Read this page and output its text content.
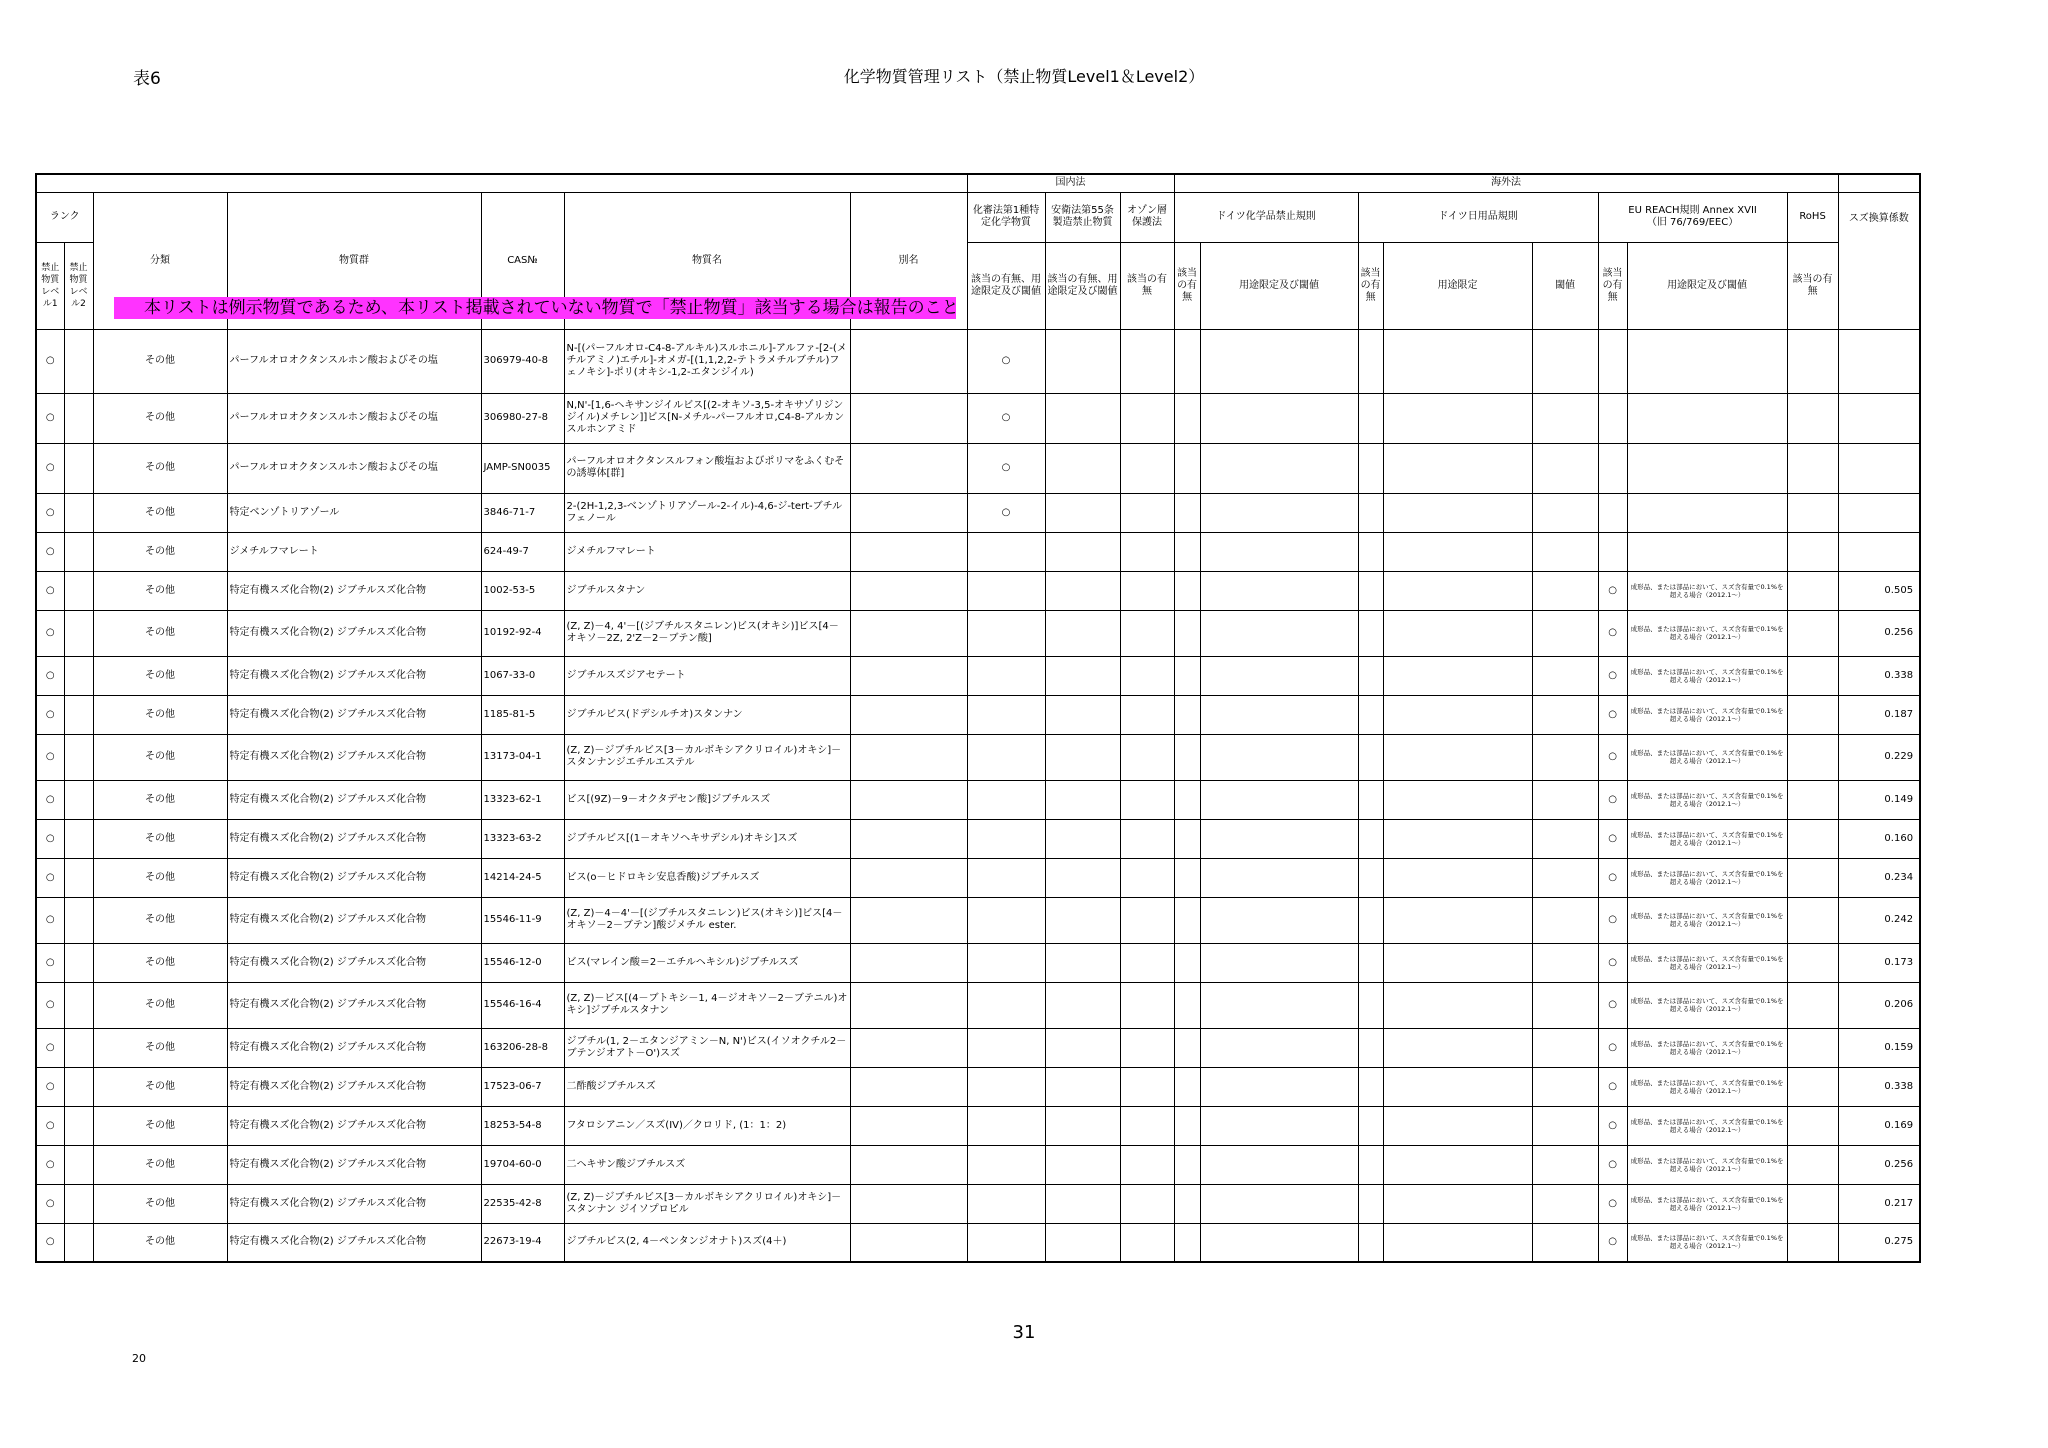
表6	化学物質管理リスト（禁止物質Level1＆Level2）
							国内法			海外法								
ランク		分類	物質群	CAS№	物質名	別名	化審法第1種特定化学物質	安衛法第55条製造禁止物質	オゾン層保護法	ドイツ化学品禁止規則		ドイツ日用品規則			EU REACH規則 Annex XVII
（旧 76/769/EEC）		RoHS	スズ換算係数
禁止物質レベル1	禁止物質レベル2						該当の有無、用途限定及び閾値	該当の有無、用途限定及び閾値	該当の有無	該当の有無	用途限定及び閾値	該当の有無	用途限定	閾値	該当の有無	用途限定及び閾値	該当の有無	
○		その他	パーフルオロオクタンスルホン酸およびその塩	306979-40-8	N-[(パーフルオロ-C4-8-アルキル)スルホニル]-アルファ-[2-(メチルアミノ)エチル]-オメガ-[(1,1,2,2-テトラメチルブチル)フェノキシ]-ポリ(オキシ-1,2-エタンジイル)		○											
○		その他	パーフルオロオクタンスルホン酸およびその塩	306980-27-8	N,N'-[1,6-ヘキサンジイルビス[(2-オキソ-3,5-オキサゾリジンジイル)メチレン]]ビス[N-メチル-パーフルオロ,C4-8-アルカンスルホンアミド		○											
○		その他	パーフルオロオクタンスルホン酸およびその塩	JAMP-SN0035	パーフルオロオクタンスルフォン酸塩およびポリマをふくむその誘導体[群]		○											
○		その他	特定ベンゾトリアゾール	3846-71-7	2-(2H-1,2,3-ベンゾトリアゾール-2-イル)-4,6-ジ-tert-ブチルフェノール		○											
○		その他	ジメチルフマレート	624-49-7	ジメチルフマレート													
○		その他	特定有機スズ化合物(2) ジブチルスズ化合物	1002-53-5	ジブチルスタナン										○	成形品、または部品において、スズ含有量で0.1%を超える場合（2012.1～）		0.505
○		その他	特定有機スズ化合物(2) ジブチルスズ化合物	10192-92-4	(Z, Z)－4, 4'－[(ジブチルスタニレン)ビス(オキシ)]ビス[4－オキソ－2Z, 2'Z－2－ブテン酸]										○	成形品、または部品において、スズ含有量で0.1%を超える場合（2012.1～）		0.256
○		その他	特定有機スズ化合物(2) ジブチルスズ化合物	1067-33-0	ジブチルスズジアセテート										○	成形品、または部品において、スズ含有量で0.1%を超える場合（2012.1～）		0.338
○		その他	特定有機スズ化合物(2) ジブチルスズ化合物	1185-81-5	ジブチルビス(ドデシルチオ)スタンナン										○	成形品、または部品において、スズ含有量で0.1%を超える場合（2012.1～）		0.187
○		その他	特定有機スズ化合物(2) ジブチルスズ化合物	13173-04-1	(Z, Z)－ジブチルビス[3－カルボキシアクリロイル)オキシ]－スタンナンジエチルエステル										○	成形品、または部品において、スズ含有量で0.1%を超える場合（2012.1～）		0.229
○		その他	特定有機スズ化合物(2) ジブチルスズ化合物	13323-62-1	ビス[(9Z)－9－オクタデセン酸]ジブチルスズ										○	成形品、または部品において、スズ含有量で0.1%を超える場合（2012.1～）		0.149
○		その他	特定有機スズ化合物(2) ジブチルスズ化合物	13323-63-2	ジブチルビス[(1－オキソヘキサデシル)オキシ]スズ										○	成形品、または部品において、スズ含有量で0.1%を超える場合（2012.1～）		0.160
○		その他	特定有機スズ化合物(2) ジブチルスズ化合物	14214-24-5	ビス(o－ヒドロキシ安息香酸)ジブチルスズ										○	成形品、または部品において、スズ含有量で0.1%を超える場合（2012.1～）		0.234
○		その他	特定有機スズ化合物(2) ジブチルスズ化合物	15546-11-9	(Z, Z)－4－4'－[(ジブチルスタニレン)ビス(オキシ)]ビス[4－オキソ－2－ブテン]酸ジメチル ester.										○	成形品、または部品において、スズ含有量で0.1%を超える場合（2012.1～）		0.242
○		その他	特定有機スズ化合物(2) ジブチルスズ化合物	15546-12-0	ビス(マレイン酸＝2－エチルヘキシル)ジブチルスズ										○	成形品、または部品において、スズ含有量で0.1%を超える場合（2012.1～）		0.173
○		その他	特定有機スズ化合物(2) ジブチルスズ化合物	15546-16-4	(Z, Z)－ビス[(4－ブトキシ－1, 4－ジオキソ－2－ブテニル)オキシ]ジブチルスタナン										○	成形品、または部品において、スズ含有量で0.1%を超える場合（2012.1～）		0.206
○		その他	特定有機スズ化合物(2) ジブチルスズ化合物	163206-28-8	ジブチル(1, 2－エタンジアミン－N, N')ビス(イソオクチル2－ブテンジオアト－O')スズ										○	成形品、または部品において、スズ含有量で0.1%を超える場合（2012.1～）		0.159
○		その他	特定有機スズ化合物(2) ジブチルスズ化合物	17523-06-7	二酢酸ジブチルスズ										○	成形品、または部品において、スズ含有量で0.1%を超える場合（2012.1～）		0.338
○		その他	特定有機スズ化合物(2) ジブチルスズ化合物	18253-54-8	フタロシアニン／スズ(IV)／クロリド, (1：1：2)										○	成形品、または部品において、スズ含有量で0.1%を超える場合（2012.1～）		0.169
○		その他	特定有機スズ化合物(2) ジブチルスズ化合物	19704-60-0	二ヘキサン酸ジブチルスズ										○	成形品、または部品において、スズ含有量で0.1%を超える場合（2012.1～）		0.256
○		その他	特定有機スズ化合物(2) ジブチルスズ化合物	22535-42-8	(Z, Z)－ジブチルビス[3－カルボキシアクリロイル)オキシ]－スタンナン ジイソプロピル										○	成形品、または部品において、スズ含有量で0.1%を超える場合（2012.1～）		0.217
○		その他	特定有機スズ化合物(2) ジブチルスズ化合物	22673-19-4	ジブチルビス(2, 4－ペンタンジオナト)スズ(4＋)										○	成形品、または部品において、スズ含有量で0.1%を超える場合（2012.1～）		0.275
本リストは例示物質であるため、本リスト掲載されていない物質で「禁止物質」該当する場合は報告のこと
31
20
